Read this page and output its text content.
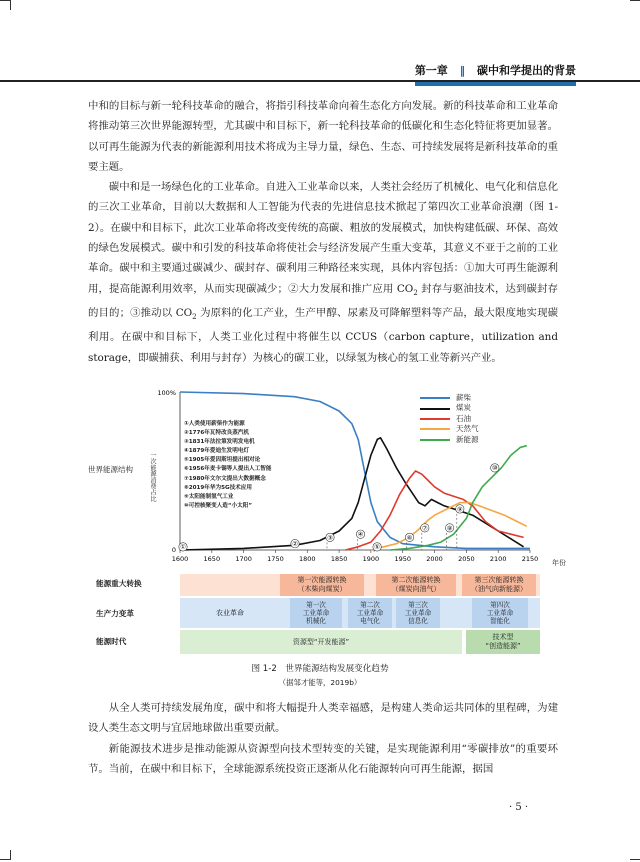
第一章 ‖ 碳中和学提出的背景

中和的目标与新一轮科技革命的融合，将指引科技革命向着生态化方向发展。新的科技革命和工业革命将推动第三次世界能源转型，尤其碳中和目标下，新一轮科技革命的低碳化和生态化特征将更加显著。以可再生能源为代表的新能源利用技术将成为主导力量，绿色、生态、可持续发展将是新科技革命的重要主题。

碳中和是一场绿色化的工业革命。自进入工业革命以来，人类社会经历了机械化、电气化和信息化的三次工业革命，目前以大数据和人工智能为代表的先进信息技术掀起了第四次工业革命浪潮（图 1-2）。在碳中和目标下，此次工业革命将改变传统的高碳、粗放的发展模式，加快构建低碳、环保、高效的绿色发展模式。碳中和引发的科技革命将使社会与经济发展产生重大变革，其意义不亚于之前的工业革命。碳中和主要通过碳减少、碳封存、碳利用三种路径来实现，具体内容包括：①加大可再生能源利用，提高能源利用效率，从而实现碳减少；②大力发展和推广应用 $CO_2$ 封存与驱油技术，达到碳封存的目的；③推动以 $CO_2$ 为原料的化工产业，生产甲醇、尿素及可降解塑料等产品，最大限度地实现碳利用。在碳中和目标下，人类工业化过程中将催生以 CCUS（carbon capture，utilization and storage，即碳捕获、利用与封存）为核心的碳工业，以绿氢为核心的氢工业等新兴产业。

100%
0
1600 1650 1700 1750 1800 1850 1900 1950 2000 2050 2100 2150
①	②
③	④
⑤
⑥
⑦	⑧
⑨
⑩
世界能源结构	一次能源消费占比
年份
①人类使用薪柴作为能源
②1776年瓦特改良蒸汽机
③1831年法拉第发明发电机
④1879年爱迪生发明电灯
⑤1905年爱因斯坦提出相对论
⑥1956年麦卡锡等人提出人工智能
⑦1980年文尔文提出大数据概念
⑧2019年华为5G技术应用
⑨太阳能制氢气工业
⑩可控核聚变人造“小太阳”
薪柴
煤炭
石油
天然气
新能源
能源重大转换
生产力变革
能源时代
第一次能源转换
（木柴向煤炭）
第二次能源转换
（煤炭向油气）
第三次能源转换
（油气向新能源）
农业革命
第一次
工业革命
机械化
第二次
工业革命
电气化
第三次
工业革命
信息化
第四次
工业革命
智能化
资源型“开发能源”
技术型
“创造能源”
图 1-2　世界能源结构发展变化趋势
（据邹才能等，2019b）

从全人类可持续发展角度，碳中和将大幅提升人类幸福感，是构建人类命运共同体的里程碑，为建设人类生态文明与宜居地球做出重要贡献。

新能源技术进步是推动能源从资源型向技术型转变的关键，是实现能源利用“零碳排放”的重要环节。当前，在碳中和目标下，全球能源系统投资正逐渐从化石能源转向可再生能源，据国

· 5 ·
